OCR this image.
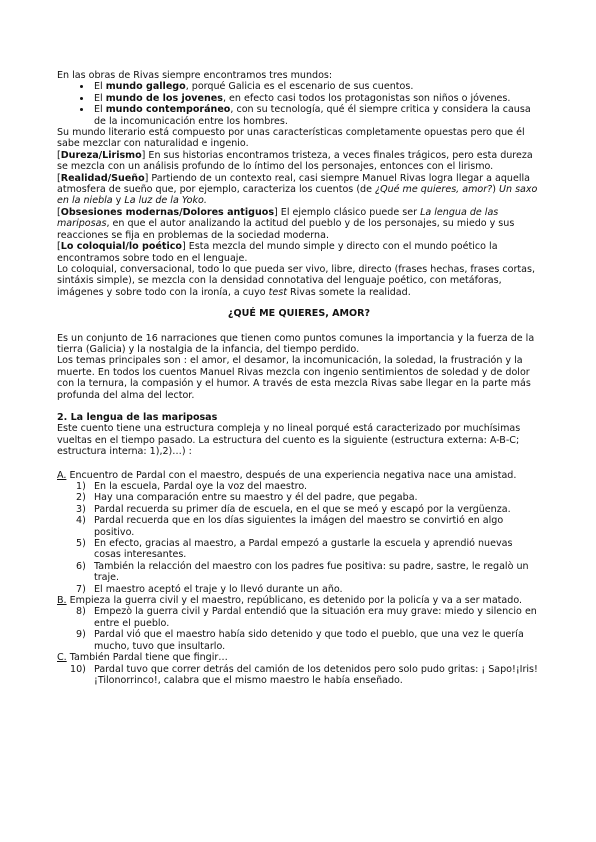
En las obras de Rivas siempre encontramos tres mundos:

• El mundo gallego, porqué Galicia es el escenario de sus cuentos.
• El mundo de los jovenes, en efecto casi todos los protagonistas son niños o jóvenes.
• El mundo contemporáneo, con su tecnología, qué él siempre critica y considera la causa de la incomunicación entre los hombres.

Su mundo literario está compuesto por unas características completamente opuestas pero que él sabe mezclar con naturalidad e ingenio.

[Dureza/Lirismo] En sus historias encontramos tristeza, a veces finales trágicos, pero esta dureza se mezcla con un análisis profundo de lo íntimo del los personajes, entonces con el lirismo.

[Realidad/Sueño] Partiendo de un contexto real, casi siempre Manuel Rivas logra llegar a aquella atmosfera de sueño que, por ejemplo, caracteriza los cuentos (de ¿Qué me quieres, amor?) Un saxo en la niebla y La luz de la Yoko.

[Obsesiones modernas/Dolores antiguos] El ejemplo clásico puede ser La lengua de las mariposas, en que el autor analizando la actitud del pueblo y de los personajes, su miedo y sus reacciones se fija en problemas de la sociedad moderna.

[Lo coloquial/lo poético] Esta mezcla del mundo simple y directo con el mundo poético la encontramos sobre todo en el lenguaje.

Lo coloquial, conversacional, todo lo que pueda ser vivo, libre, directo (frases hechas, frases cortas, sintáxis simple), se mezcla con la densidad connotativa del lenguaje poético, con metáforas, imágenes y sobre todo con la ironía, a cuyo test Rivas somete la realidad.

¿QUÉ ME QUIERES, AMOR?

Es un conjunto de 16 narraciones que tienen como puntos comunes la importancia y la fuerza de la tierra (Galicia) y la nostalgia de la infancia, del tiempo perdido.

Los temas principales son : el amor, el desamor, la incomunicación, la soledad, la frustración y la muerte. En todos los cuentos Manuel Rivas mezcla con ingenio sentimientos de soledad y de dolor con la ternura, la compasión y el humor. A través de esta mezcla Rivas sabe llegar en la parte más profunda del alma del lector.

2. La lengua de las mariposas

Este cuento tiene una estructura compleja y no lineal porqué está caracterizado por muchísimas vueltas en el tiempo pasado. La estructura del cuento es la siguiente (estructura externa: A-B-C; estructura interna: 1),2)…) :

A. Encuentro de Pardal con el maestro, después de una experiencia negativa nace una amistad.

1) En la escuela, Pardal oye la voz del maestro.
2) Hay una comparación entre su maestro y él del padre, que pegaba.
3) Pardal recuerda su primer día de escuela, en el que se meó y escapó por la vergüenza.
4) Pardal recuerda que en los días siguientes la imágen del maestro se convirtió en algo positivo.
5) En efecto, gracias al maestro, a Pardal empezó a gustarle la escuela y aprendió nuevas cosas interesantes.
6) También la relacción del maestro con los padres fue positiva: su padre, sastre, le regalò un traje.
7) El maestro aceptó el traje y lo llevó durante un año.

B. Empieza la guerra civil y el maestro, repúblicano, es detenido por la policía y va a ser matado.

8) Empezò la guerra civil y Pardal entendió que la situación era muy grave: miedo y silencio en entre el pueblo.
9) Pardal vió que el maestro había sido detenido y que todo el pueblo, que una vez le quería mucho, tuvo que insultarlo.

C. También Pardal tiene que fingir…

10) Pardal tuvo que correr detrás del camión de los detenidos pero solo pudo gritas: ¡ Sapo!¡Iris!¡Tilonorrinco!, calabra que el mismo maestro le había enseñado.
